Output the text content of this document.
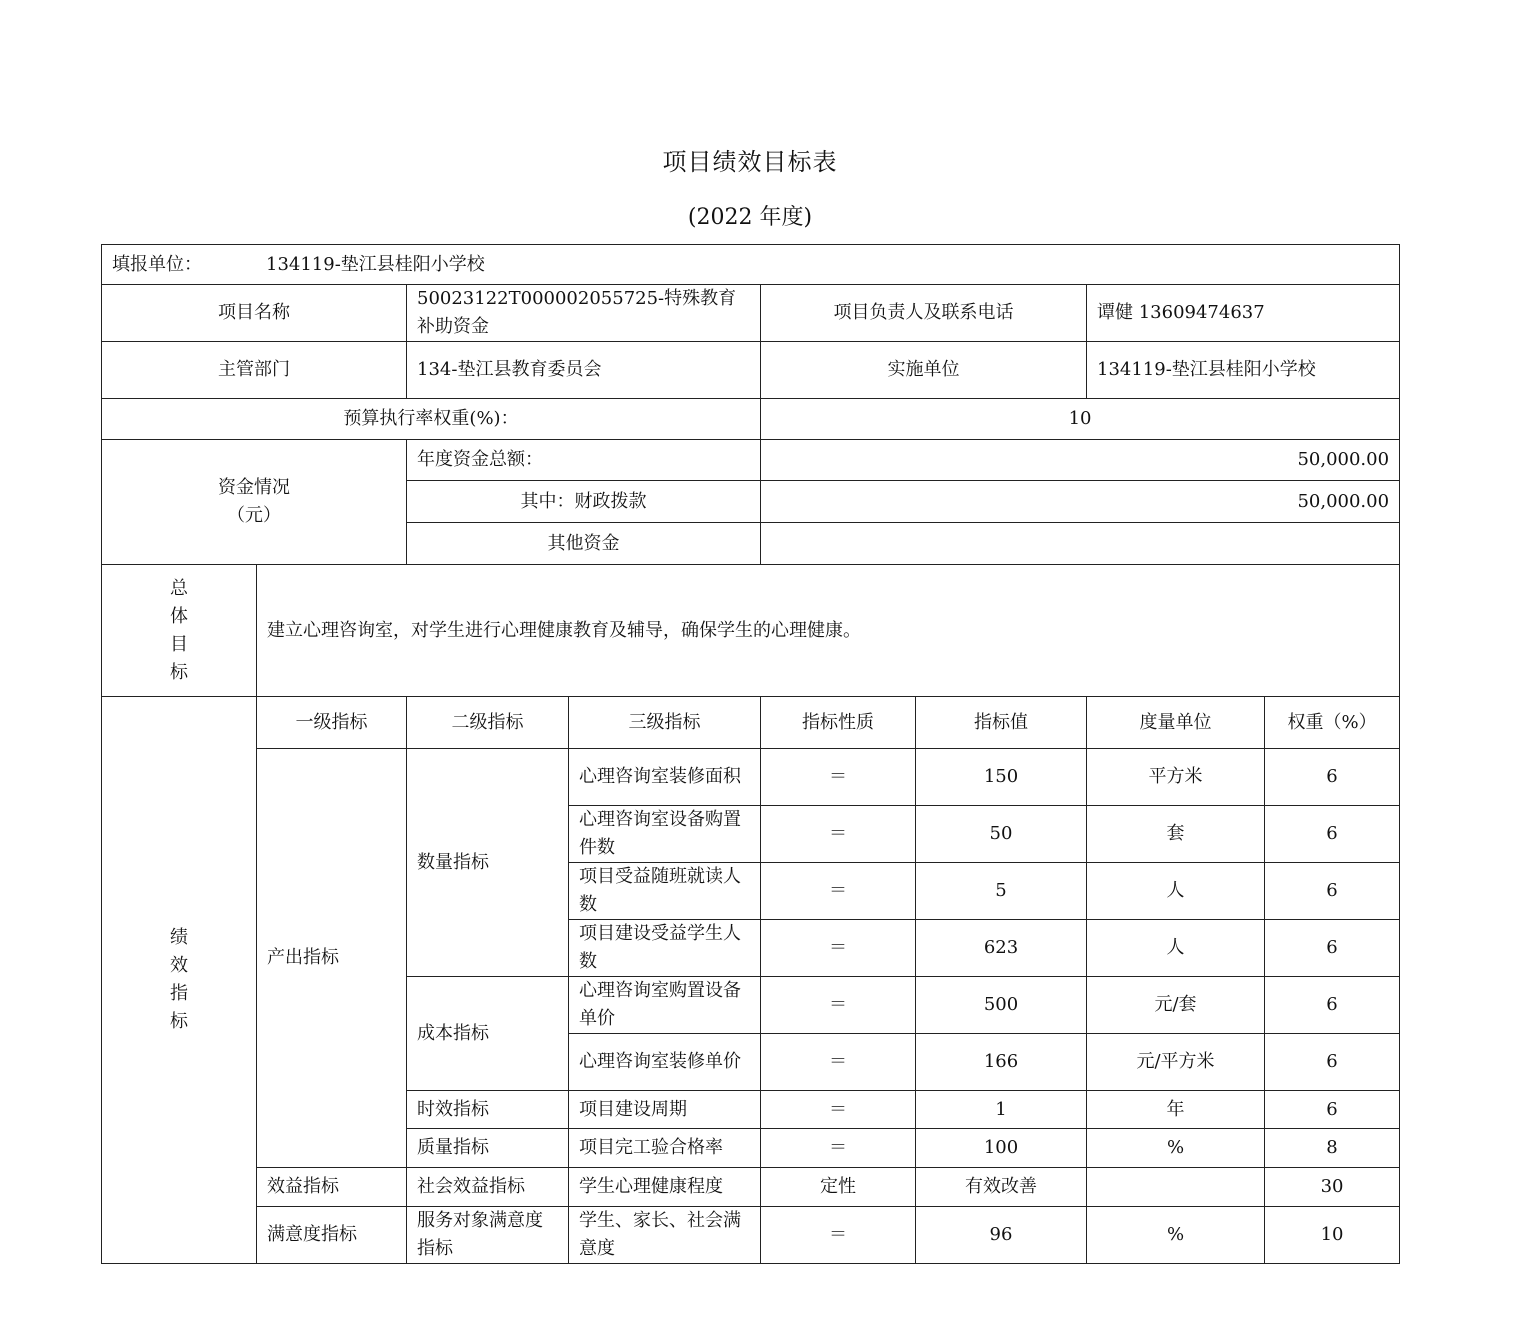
项目绩效目标表
(2022 年度)
填报单位： 134119-垫江县桂阳小学校							
项目名称		50023122T000002055725-特殊教育补助资金		项目负责人及联系电话		谭健 13609474637	
主管部门		134-垫江县教育委员会		实施单位		134119-垫江县桂阳小学校	
预算执行率权重(%)：				10			
资金情况
（元）		年度资金总额：		50,000.00			
		其中：财政拨款		50,000.00			
		其他资金					

总
体
目
标	建立心理咨询室，对学生进行心理健康教育及辅导，确保学生的心理健康。						

绩
效
指
标	一级指标	二级指标	三级指标	指标性质	指标值	度量单位	权重（%）
	产出指标	数量指标	心理咨询室装修面积	＝	150	平方米	6
			心理咨询室设备购置件数	＝	50	套	6
			项目受益随班就读人数	＝	5	人	6
			项目建设受益学生人数	＝	623	人	6
		成本指标	心理咨询室购置设备单价	＝	500	元/套	6
			心理咨询室装修单价	＝	166	元/平方米	6
		时效指标	项目建设周期	＝	1	年	6
		质量指标	项目完工验合格率	＝	100	%	8
	效益指标	社会效益指标	学生心理健康程度	定性	有效改善		30
	满意度指标	服务对象满意度指标	学生、家长、社会满意度	＝	96	%	10
